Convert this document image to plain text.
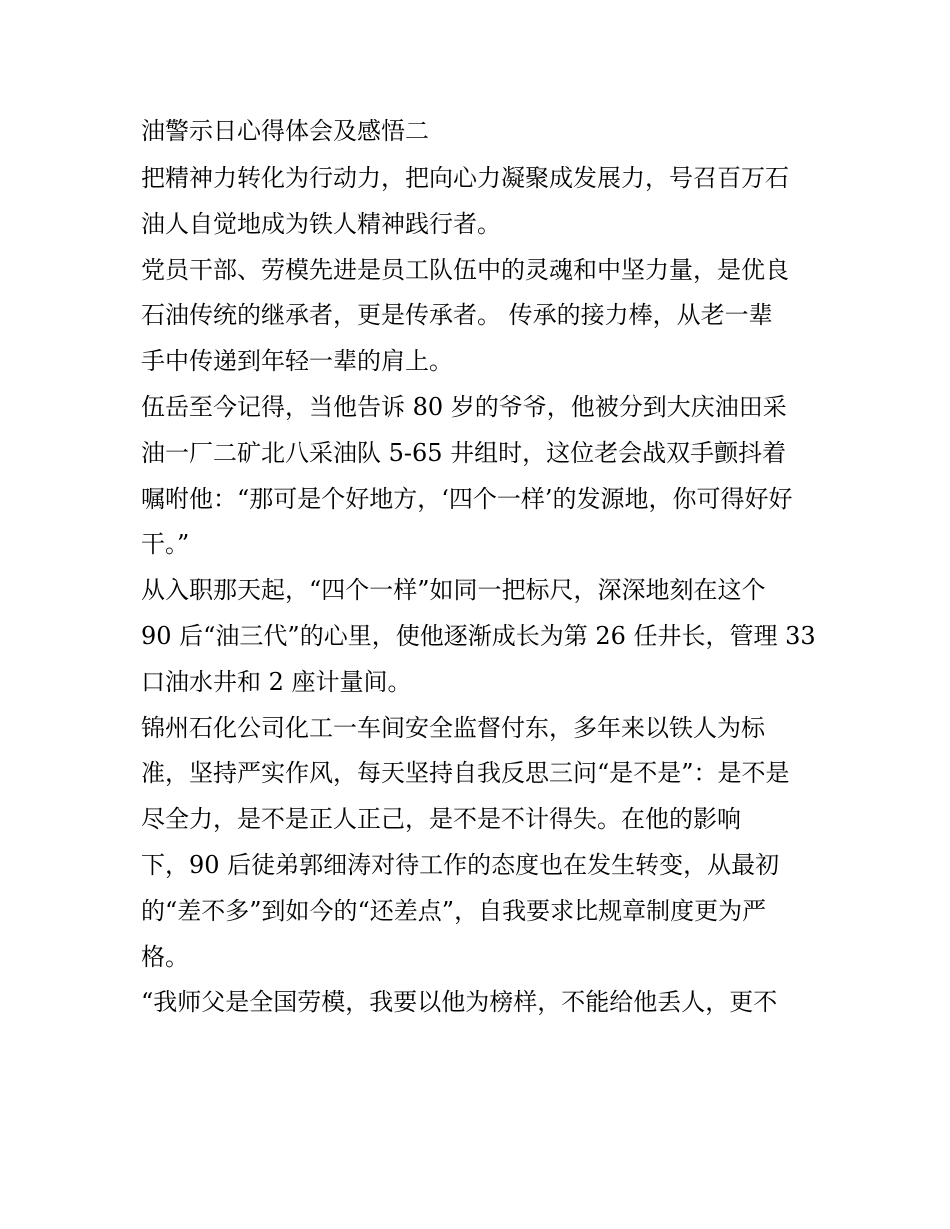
油警示日心得体会及感悟二
把精神力转化为行动力，把向心力凝聚成发展力，号召百万石
油人自觉地成为铁人精神践行者。
党员干部、劳模先进是员工队伍中的灵魂和中坚力量，是优良
石油传统的继承者，更是传承者。 传承的接力棒，从老一辈
手中传递到年轻一辈的肩上。
伍岳至今记得，当他告诉 80 岁的爷爷，他被分到大庆油田采
油一厂二矿北八采油队 5-65 井组时，这位老会战双手颤抖着
嘱咐他：“那可是个好地方，‘四个一样’的发源地，你可得好好
干。”
从入职那天起，“四个一样”如同一把标尺，深深地刻在这个
90 后“油三代”的心里，使他逐渐成长为第 26 任井长，管理 33
口油水井和 2 座计量间。
锦州石化公司化工一车间安全监督付东，多年来以铁人为标
准，坚持严实作风，每天坚持自我反思三问“是不是”：是不是
尽全力，是不是正人正己，是不是不计得失。在他的影响
下，90 后徒弟郭细涛对待工作的态度也在发生转变，从最初
的“差不多”到如今的“还差点”，自我要求比规章制度更为严
格。
“我师父是全国劳模，我要以他为榜样，不能给他丢人，更不
